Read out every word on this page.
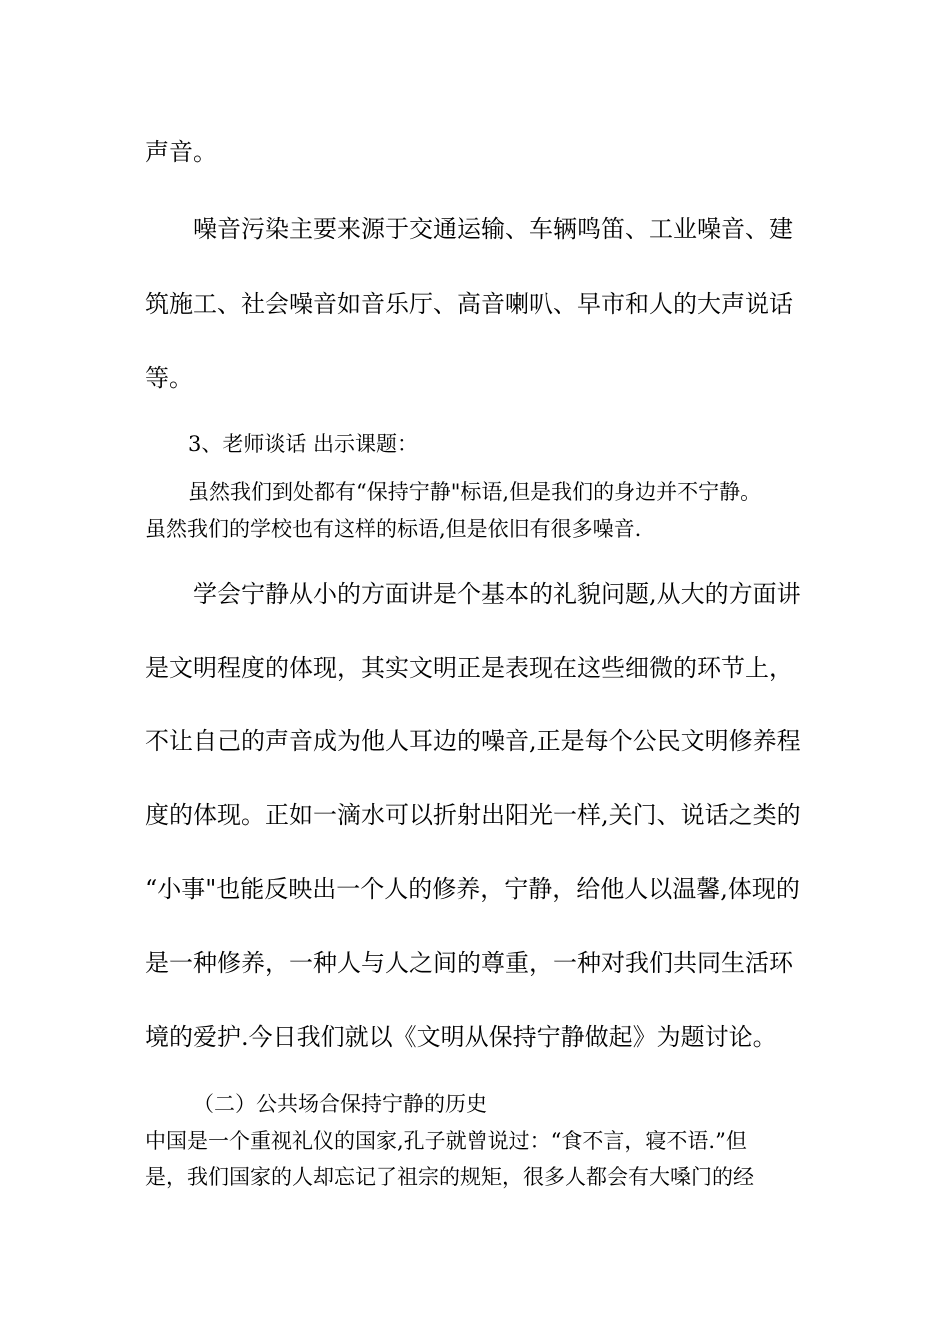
声音。
噪音污染主要来源于交通运输、车辆鸣笛、工业噪音、建
筑施工、社会噪音如音乐厅、高音喇叭、早市和人的大声说话
等。
3、老师谈话 出示课题：
虽然我们到处都有“保持宁静"标语,但是我们的身边并不宁静。
虽然我们的学校也有这样的标语,但是依旧有很多噪音.
学会宁静从小的方面讲是个基本的礼貌问题,从大的方面讲
是文明程度的体现，其实文明正是表现在这些细微的环节上，
不让自己的声音成为他人耳边的噪音,正是每个公民文明修养程
度的体现。正如一滴水可以折射出阳光一样,关门、说话之类的
“小事"也能反映出一个人的修养，宁静，给他人以温馨,体现的
是一种修养，一种人与人之间的尊重，一种对我们共同生活环
境的爱护.今日我们就以《文明从保持宁静做起》为题讨论。
（二）公共场合保持宁静的历史
中国是一个重视礼仪的国家,孔子就曾说过：“食不言，寝不语.”但
是，我们国家的人却忘记了祖宗的规矩，很多人都会有大嗓门的经
